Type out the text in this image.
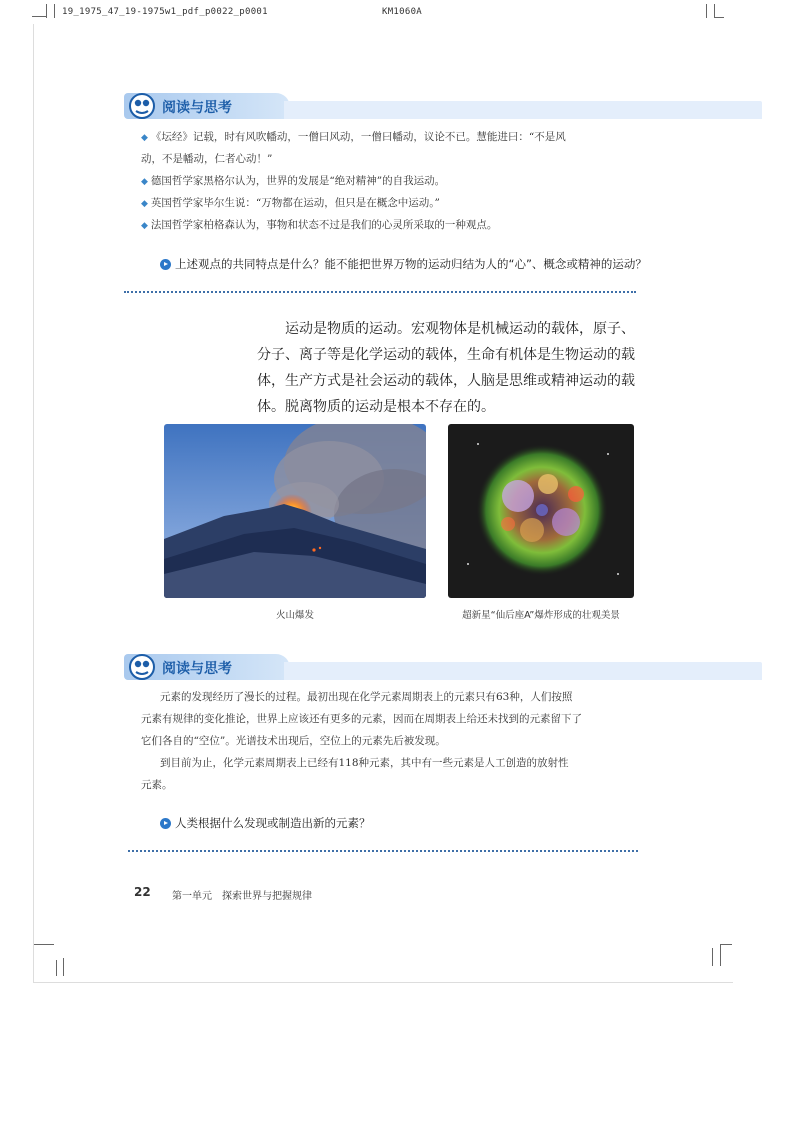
19_1975_47_19-1975w1_pdf_p0022_p0001	KM1060A
阅读与思考
◆ 《坛经》记载，时有风吹幡动，一僧曰风动，一僧曰幡动，议论不已。慧能进曰：“不是风
动，不是幡动，仁者心动！”
◆ 德国哲学家黑格尔认为，世界的发展是“绝对精神”的自我运动。
◆ 英国哲学家毕尔生说：“万物都在运动，但只是在概念中运动。”
◆ 法国哲学家柏格森认为，事物和状态不过是我们的心灵所采取的一种观点。
上述观点的共同特点是什么？能不能把世界万物的运动归结为人的“心”、概念或精神的运动？
运动是物质的运动。宏观物体是机械运动的载体，原子、分子、离子等是化学运动的载体，生命有机体是生物运动的载体，生产方式是社会运动的载体，人脑是思维或精神运动的载体。脱离物质的运动是根本不存在的。
火山爆发	超新星“仙后座A”爆炸形成的壮观美景
阅读与思考
元素的发现经历了漫长的过程。最初出现在化学元素周期表上的元素只有63种，人们按照
元素有规律的变化推论，世界上应该还有更多的元素，因而在周期表上给还未找到的元素留下了
它们各自的“空位”。光谱技术出现后，空位上的元素先后被发现。
到目前为止，化学元素周期表上已经有118种元素，其中有一些元素是人工创造的放射性
元素。
人类根据什么发现或制造出新的元素？
22 第一单元　探索世界与把握规律
